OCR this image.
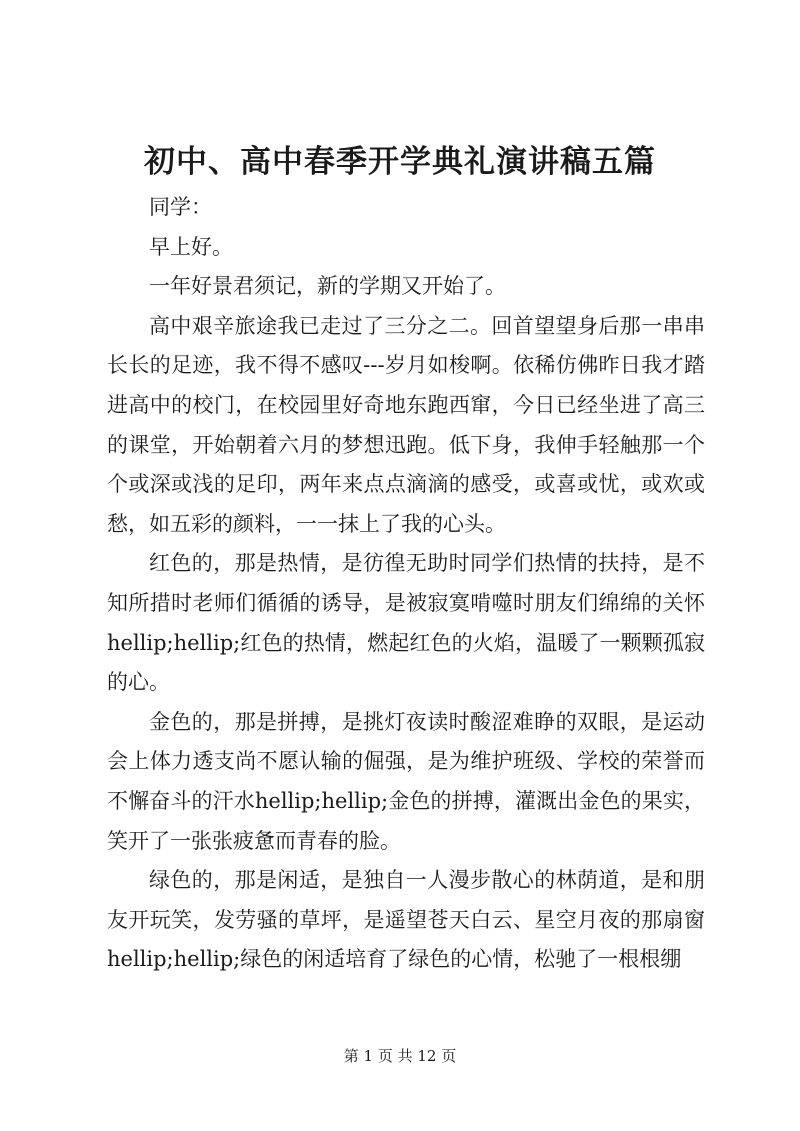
初中、高中春季开学典礼演讲稿五篇

同学：

早上好。

一年好景君须记，新的学期又开始了。

高中艰辛旅途我已走过了三分之二。回首望望身后那一串串长长的足迹，我不得不感叹---岁月如梭啊。依稀仿佛昨日我才踏进高中的校门，在校园里好奇地东跑西窜，今日已经坐进了高三的课堂，开始朝着六月的梦想迅跑。低下身，我伸手轻触那一个个或深或浅的足印，两年来点点滴滴的感受，或喜或忧，或欢或愁，如五彩的颜料，一一抹上了我的心头。

红色的，那是热情，是彷徨无助时同学们热情的扶持，是不知所措时老师们循循的诱导，是被寂寞啃噬时朋友们绵绵的关怀hellip;hellip;红色的热情，燃起红色的火焰，温暖了一颗颗孤寂的心。

金色的，那是拼搏，是挑灯夜读时酸涩难睁的双眼，是运动会上体力透支尚不愿认输的倔强，是为维护班级、学校的荣誉而不懈奋斗的汗水hellip;hellip;金色的拼搏，灌溉出金色的果实，笑开了一张张疲惫而青春的脸。

绿色的，那是闲适，是独自一人漫步散心的林荫道，是和朋友开玩笑，发劳骚的草坪，是遥望苍天白云、星空月夜的那扇窗hellip;hellip;绿色的闲适培育了绿色的心情，松驰了一根根绷

第 1 页 共 12 页
